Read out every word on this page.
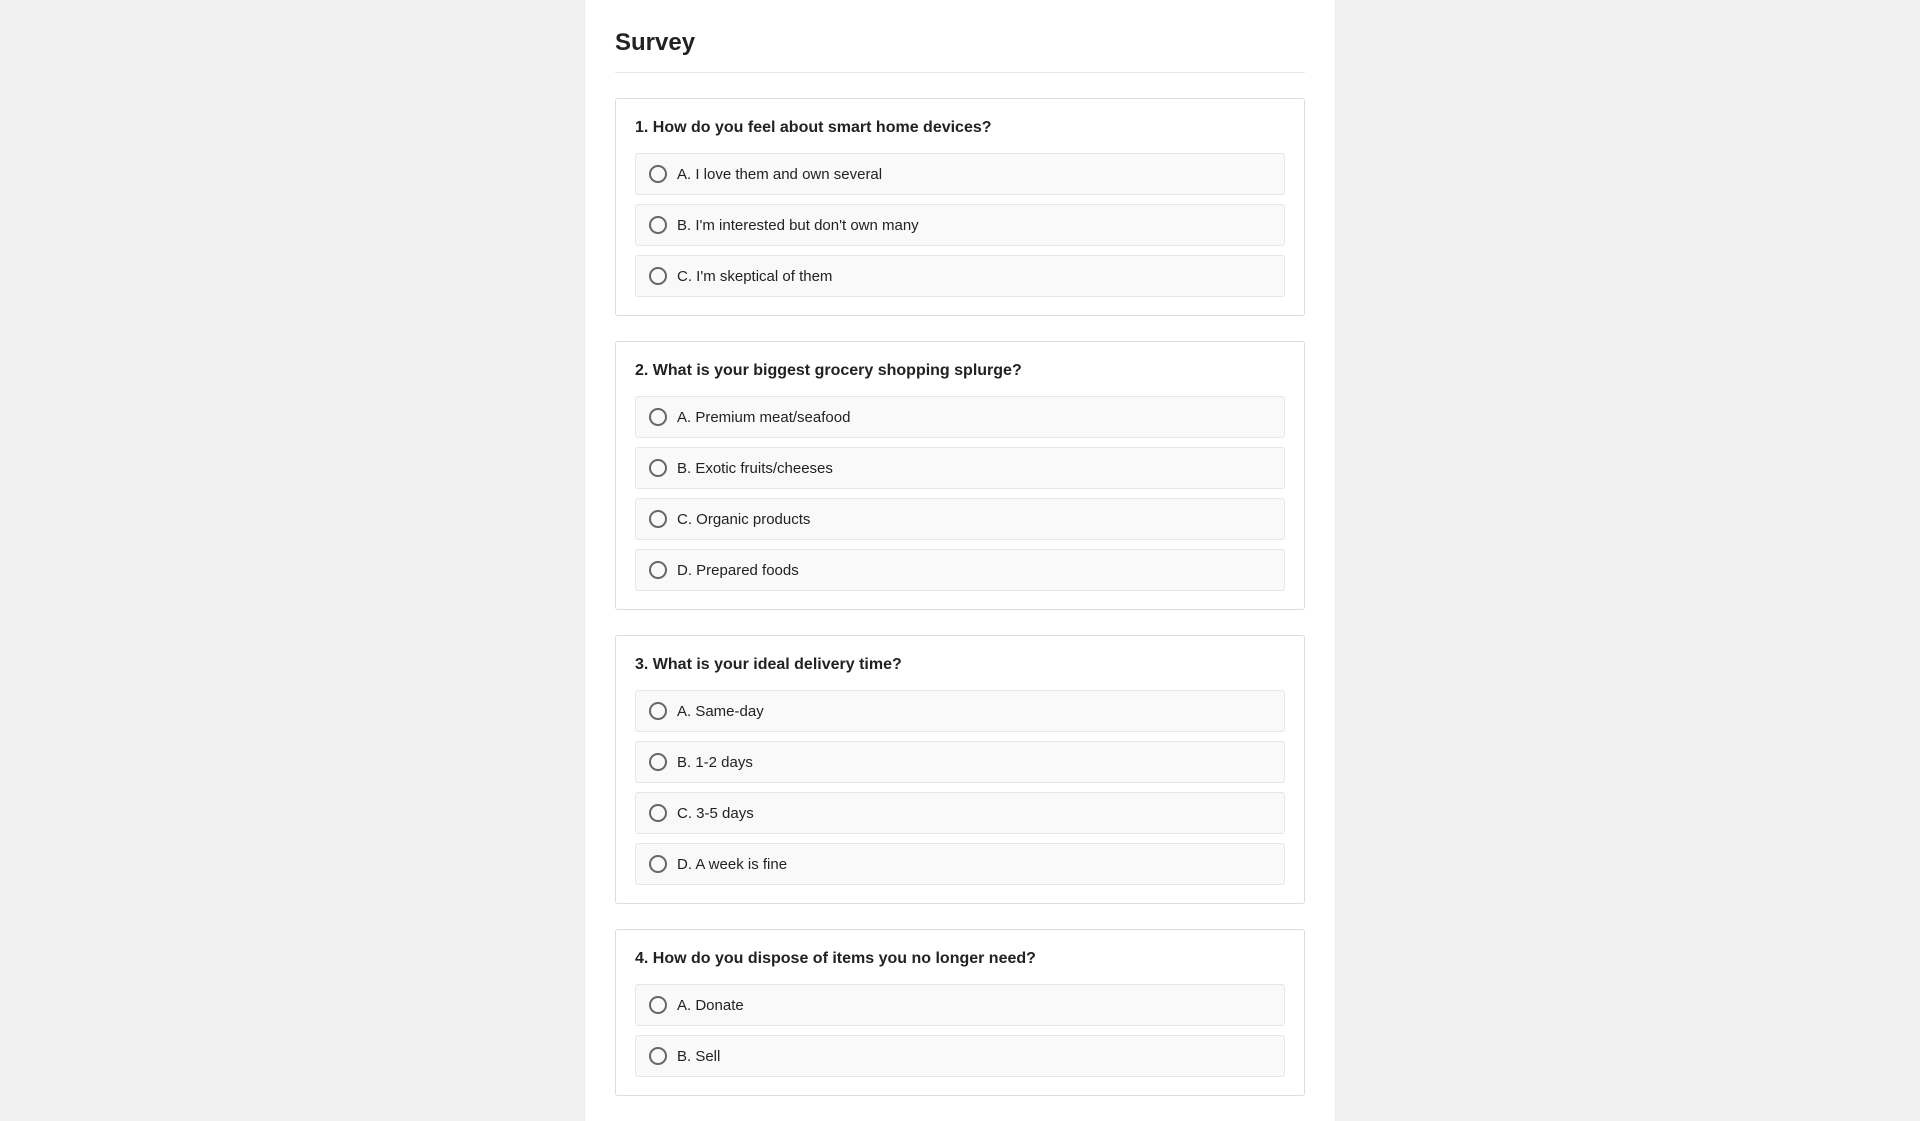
Survey
1. How do you feel about smart home devices?
A. I love them and own several
B. I'm interested but don't own many
C. I'm skeptical of them
2. What is your biggest grocery shopping splurge?
A. Premium meat/seafood
B. Exotic fruits/cheeses
C. Organic products
D. Prepared foods
3. What is your ideal delivery time?
A. Same-day
B. 1-2 days
C. 3-5 days
D. A week is fine
4. How do you dispose of items you no longer need?
A. Donate
B. Sell
